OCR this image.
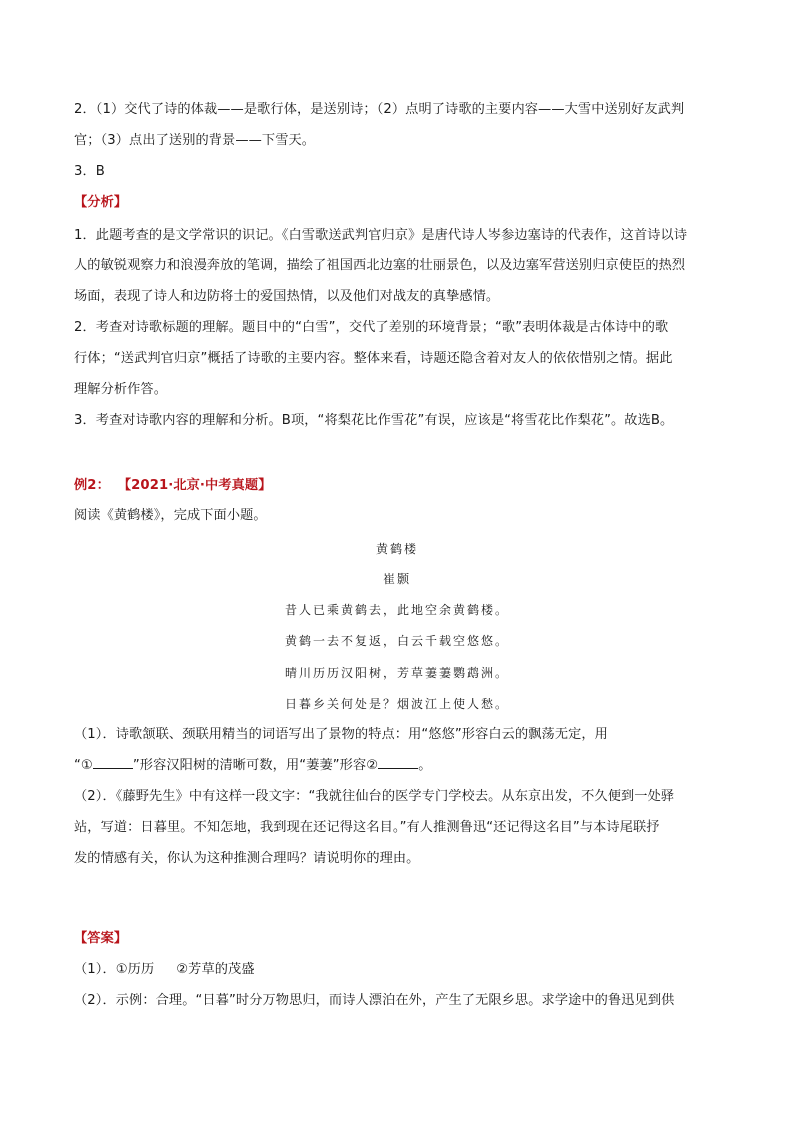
2．（1）交代了诗的体裁——是歌行体，是送别诗；（2）点明了诗歌的主要内容——大雪中送别好友武判
官；（3）点出了送别的背景——下雪天。
3．B
【分析】
1．此题考查的是文学常识的识记。《白雪歌送武判官归京》是唐代诗人岑参边塞诗的代表作，这首诗以诗
人的敏锐观察力和浪漫奔放的笔调，描绘了祖国西北边塞的壮丽景色，以及边塞军营送别归京使臣的热烈
场面，表现了诗人和边防将士的爱国热情，以及他们对战友的真挚感情。
2．考查对诗歌标题的理解。题目中的“白雪”，交代了差别的环境背景；“歌”表明体裁是古体诗中的歌
行体；“送武判官归京”概括了诗歌的主要内容。整体来看，诗题还隐含着对友人的依依惜别之情。据此
理解分析作答。
3．考查对诗歌内容的理解和分析。B项，“将梨花比作雪花”有误，应该是“将雪花比作梨花”。故选B。
例2： 【2021·北京·中考真题】
阅读《黄鹤楼》，完成下面小题。
黄鹤楼
崔颢
昔人已乘黄鹤去，此地空余黄鹤楼。
黄鹤一去不复返，白云千载空悠悠。
晴川历历汉阳树，芳草萋萋鹦鹉洲。
日暮乡关何处是？烟波江上使人愁。
（1）．诗歌颔联、颈联用精当的词语写出了景物的特点：用“悠悠”形容白云的飘荡无定，用
“①	”形容汉阳树的清晰可数，用“萋萋”形容②	。
（2）．《藤野先生》中有这样一段文字：“我就往仙台的医学专门学校去。从东京出发，不久便到一处驿
站，写道：日暮里。不知怎地，我到现在还记得这名目。”有人推测鲁迅“还记得这名目”与本诗尾联抒
发的情感有关，你认为这种推测合理吗？请说明你的理由。
【答案】
（1）．①历历 ②芳草的茂盛
（2）．示例：合理。“日暮”时分万物思归，而诗人漂泊在外，产生了无限乡思。求学途中的鲁迅见到供
